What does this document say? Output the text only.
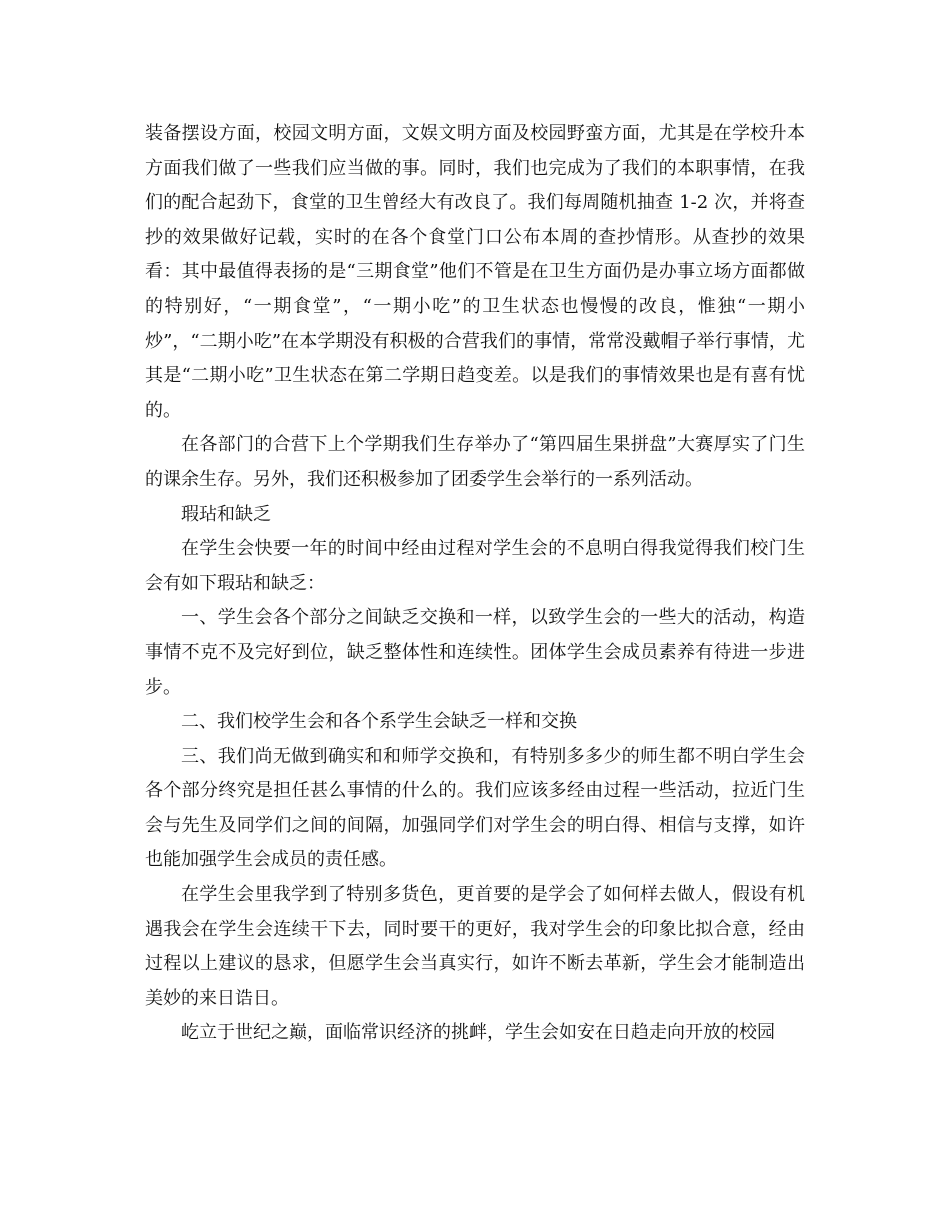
装备摆设方面，校园文明方面，文娱文明方面及校园野蛮方面，尤其是在学校升本方面我们做了一些我们应当做的事。同时，我们也完成为了我们的本职事情，在我们的配合起劲下，食堂的卫生曾经大有改良了。我们每周随机抽查 1-2 次，并将查抄的效果做好记载，实时的在各个食堂门口公布本周的查抄情形。从查抄的效果看：其中最值得表扬的是“三期食堂”他们不管是在卫生方面仍是办事立场方面都做的特别好，“一期食堂”，“一期小吃”的卫生状态也慢慢的改良，惟独“一期小炒”，“二期小吃”在本学期没有积极的合营我们的事情，常常没戴帽子举行事情，尤其是“二期小吃”卫生状态在第二学期日趋变差。以是我们的事情效果也是有喜有忧的。

在各部门的合营下上个学期我们生存举办了“第四届生果拼盘”大赛厚实了门生的课余生存。另外，我们还积极参加了团委学生会举行的一系列活动。

瑕玷和缺乏

在学生会快要一年的时间中经由过程对学生会的不息明白得我觉得我们校门生会有如下瑕玷和缺乏：

一、学生会各个部分之间缺乏交换和一样，以致学生会的一些大的活动，构造事情不克不及完好到位，缺乏整体性和连续性。团体学生会成员素养有待进一步进步。

二、我们校学生会和各个系学生会缺乏一样和交换

三、我们尚无做到确实和和师学交换和，有特别多多少的师生都不明白学生会各个部分终究是担任甚么事情的什么的。我们应该多经由过程一些活动，拉近门生会与先生及同学们之间的间隔，加强同学们对学生会的明白得、相信与支撑，如许也能加强学生会成员的责任感。

在学生会里我学到了特别多货色，更首要的是学会了如何样去做人，假设有机遇我会在学生会连续干下去，同时要干的更好，我对学生会的印象比拟合意，经由过程以上建议的恳求，但愿学生会当真实行，如许不断去革新，学生会才能制造出美妙的来日诰日。

屹立于世纪之巅，面临常识经济的挑衅，学生会如安在日趋走向开放的校园
